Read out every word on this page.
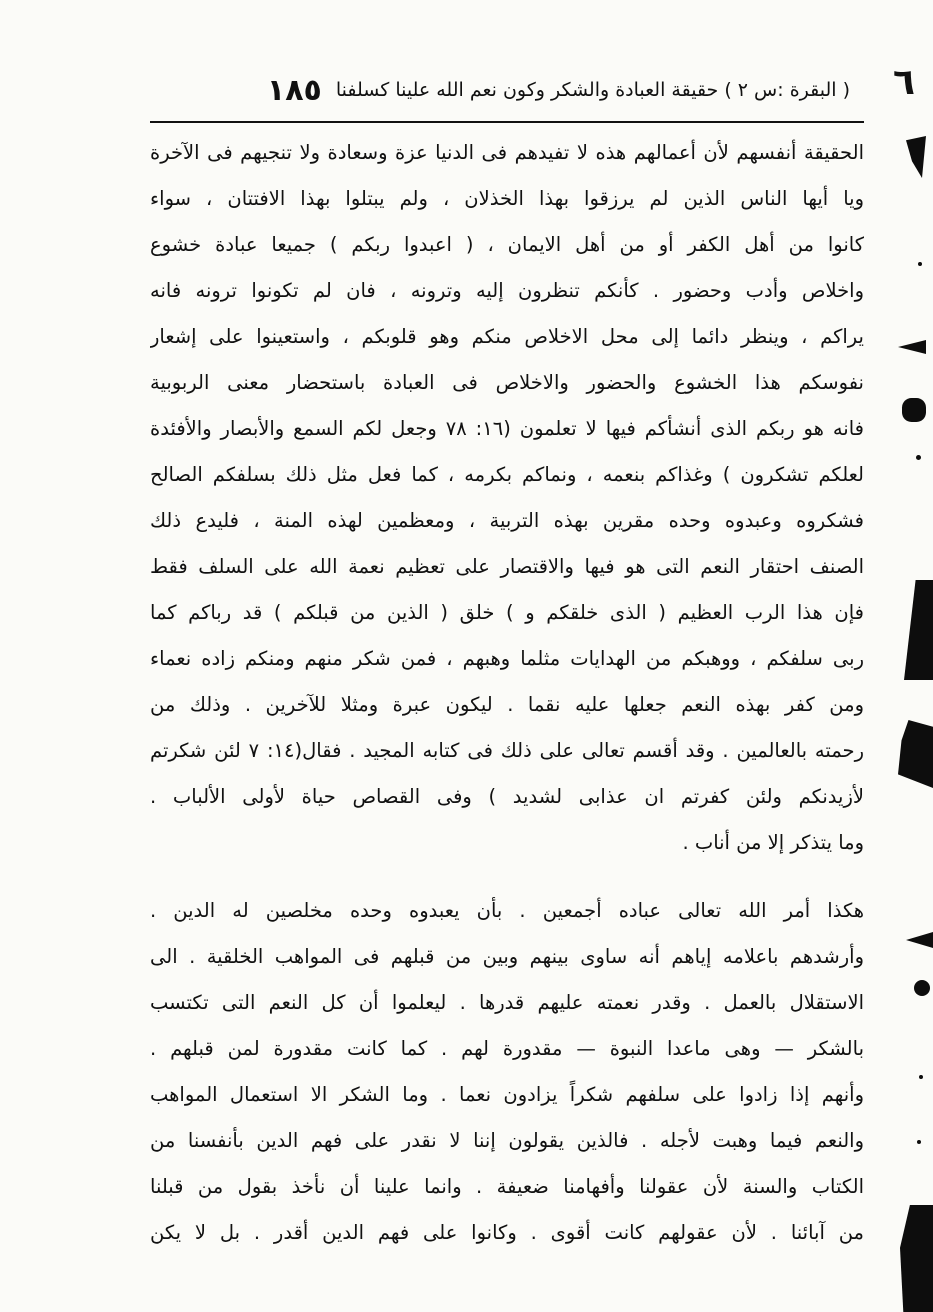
٦
( البقرة :س ٢ ) حقيقة العبادة والشكر وكون نعم الله علينا كسلفنا
١٨٥
الحقيقة أنفسهم لأن أعمالهم هذه لا تفيدهم فى الدنيا عزة وسعادة ولا تنجيهم فى الآخرة
ويا أيها الناس الذين لم يرزقوا بهذا الخذلان ، ولم يبتلوا بهذا الافتتان ، سواء
كانوا من أهل الكفر أو من أهل الايمان ، ( اعبدوا ربكم ) جميعا عبادة خشوع
واخلاص وأدب وحضور . كأنكم تنظرون إليه وترونه ، فان لم تكونوا ترونه فانه
يراكم ، وينظر دائما إلى محل الاخلاص منكم وهو قلوبكم ، واستعينوا على إشعار
نفوسكم هذا الخشوع والحضور والاخلاص فى العبادة باستحضار معنى الربوبية
فانه هو ربكم الذى أنشأكم فيها لا تعلمون (١٦: ٧٨ وجعل لكم السمع والأبصار والأفئدة
لعلكم تشكرون ) وغذاكم بنعمه ، ونماكم بكرمه ، كما فعل مثل ذلك بسلفكم الصالح
فشكروه وعبدوه وحده مقرين بهذه التربية ، ومعظمين لهذه المنة ، فليدع ذلك
الصنف احتقار النعم التى هو فيها والاقتصار على تعظيم نعمة الله على السلف فقط
فإن هذا الرب العظيم ( الذى خلقكم و ) خلق ( الذين من قبلكم ) قد رباكم كما
ربى سلفكم ، ووهبكم من الهدايات مثلما وهبهم ، فمن شكر منهم ومنكم زاده نعماء
ومن كفر بهذه النعم جعلها عليه نقما . ليكون عبرة ومثلا للآخرين . وذلك من
رحمته بالعالمين . وقد أقسم تعالى على ذلك فى كتابه المجيد . فقال(١٤: ٧ لئن شكرتم
لأزيدنكم ولئن كفرتم ان عذابى لشديد ) وفى القصاص حياة لأولى الألباب .
وما يتذكر إلا من أناب .
هكذا أمر الله تعالى عباده أجمعين . بأن يعبدوه وحده مخلصين له الدين .
وأرشدهم باعلامه إياهم أنه ساوى بينهم وبين من قبلهم فى المواهب الخلقية . الى
الاستقلال بالعمل . وقدر نعمته عليهم قدرها . ليعلموا أن كل النعم التى تكتسب
بالشكر — وهى ماعدا النبوة — مقدورة لهم . كما كانت مقدورة لمن قبلهم .
وأنهم إذا زادوا على سلفهم شكراً يزادون نعما . وما الشكر الا استعمال المواهب
والنعم فيما وهبت لأجله . فالذين يقولون إننا لا نقدر على فهم الدين بأنفسنا من
الكتاب والسنة لأن عقولنا وأفهامنا ضعيفة . وانما علينا أن نأخذ بقول من قبلنا
من آبائنا . لأن عقولهم كانت أقوى . وكانوا على فهم الدين أقدر . بل لا يكن
